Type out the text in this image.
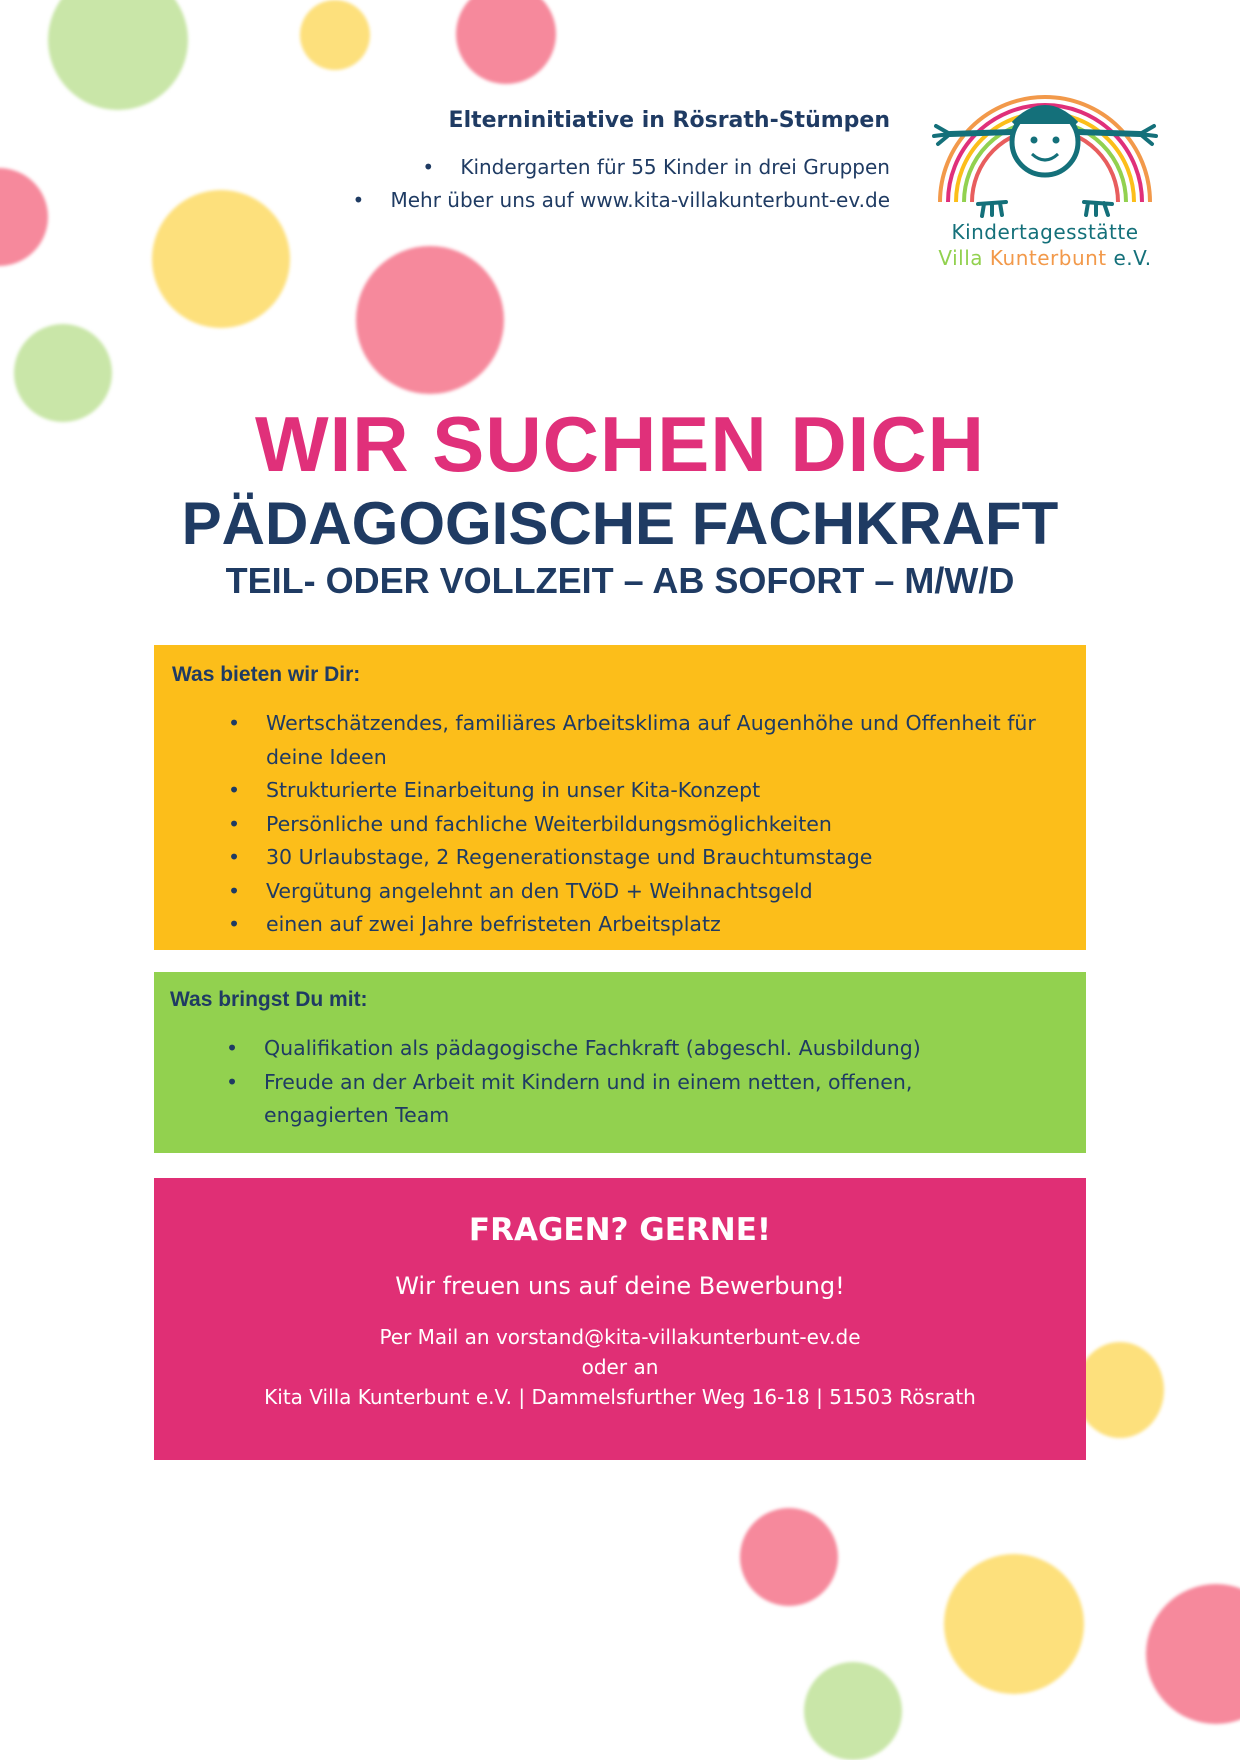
Elterninitiative in Rösrath-Stümpen
• Kindergarten für 55 Kinder in drei Gruppen
• Mehr über uns auf www.kita-villakunterbunt-ev.de
Kindertagesstätte
Villa Kunterbunt e.V.
WIR SUCHEN DICH
PÄDAGOGISCHE FACHKRAFT
TEIL- ODER VOLLZEIT – AB SOFORT – M/W/D
Was bieten wir Dir:
•	Wertschätzendes, familiäres Arbeitsklima auf Augenhöhe und Offenheit für deine Ideen
•	Strukturierte Einarbeitung in unser Kita-Konzept
•	Persönliche und fachliche Weiterbildungsmöglichkeiten
•	30 Urlaubstage, 2 Regenerationstage und Brauchtumstage
•	Vergütung angelehnt an den TVöD + Weihnachtsgeld
•	einen auf zwei Jahre befristeten Arbeitsplatz
Was bringst Du mit:
•	Qualifikation als pädagogische Fachkraft (abgeschl. Ausbildung)
•	Freude an der Arbeit mit Kindern und in einem netten, offenen, engagierten Team
FRAGEN? GERNE!
Wir freuen uns auf deine Bewerbung!
Per Mail an vorstand@kita-villakunterbunt-ev.de
oder an
Kita Villa Kunterbunt e.V. | Dammelsfurther Weg 16-18 | 51503 Rösrath
